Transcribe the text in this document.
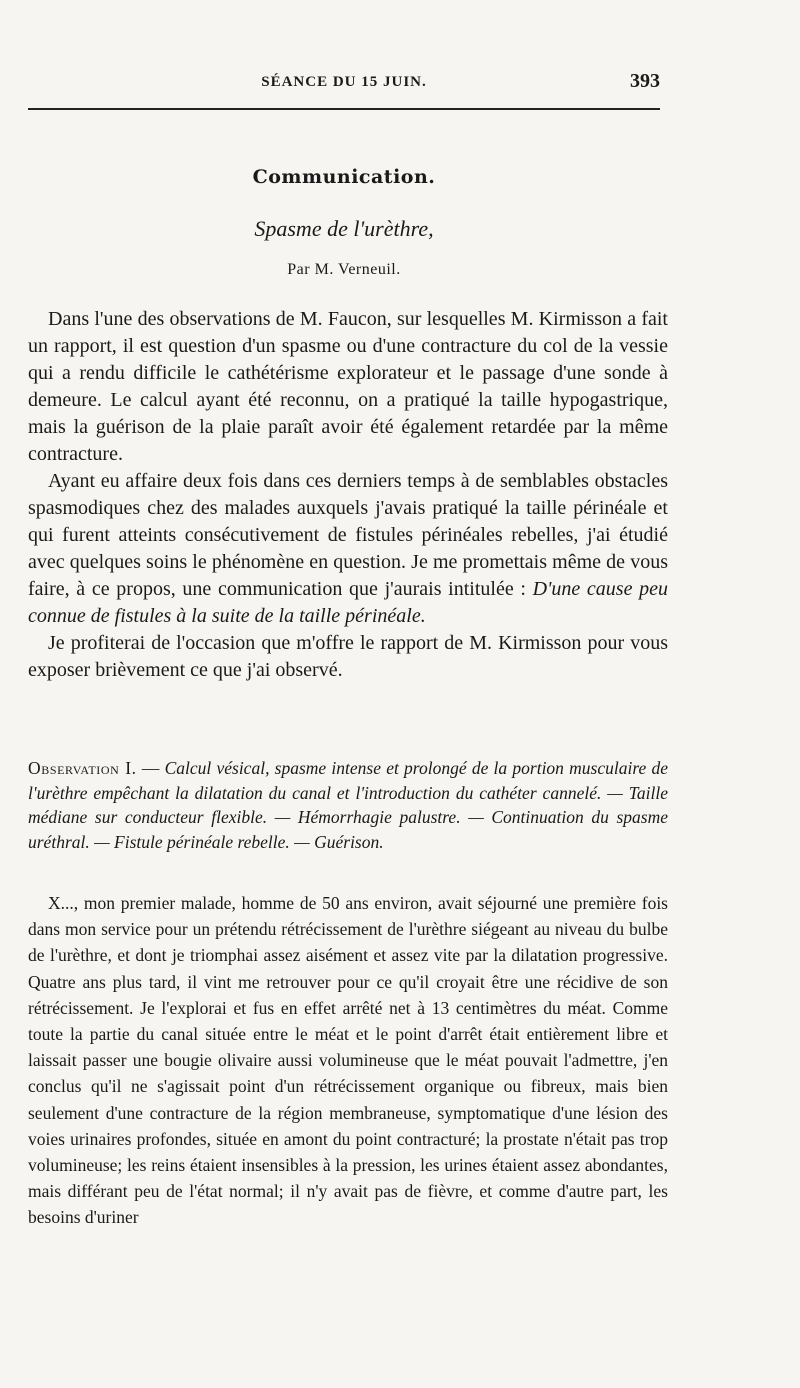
SÉANCE DU 15 JUIN.	393
Communication.
Spasme de l'urèthre,
Par M. Verneuil.

Dans l'une des observations de M. Faucon, sur lesquelles M. Kirmisson a fait un rapport, il est question d'un spasme ou d'une contracture du col de la vessie qui a rendu difficile le cathétérisme explorateur et le passage d'une sonde à demeure. Le calcul ayant été reconnu, on a pratiqué la taille hypogastrique, mais la guérison de la plaie paraît avoir été également retardée par la même contracture.

Ayant eu affaire deux fois dans ces derniers temps à de semblables obstacles spasmodiques chez des malades auxquels j'avais pratiqué la taille périnéale et qui furent atteints consécutivement de fistules périnéales rebelles, j'ai étudié avec quelques soins le phénomène en question. Je me promettais même de vous faire, à ce propos, une communication que j'aurais intitulée : D'une cause peu connue de fistules à la suite de la taille périnéale.

Je profiterai de l'occasion que m'offre le rapport de M. Kirmisson pour vous exposer brièvement ce que j'ai observé.

Observation I. — Calcul vésical, spasme intense et prolongé de la portion musculaire de l'urèthre empêchant la dilatation du canal et l'introduction du cathéter cannelé. — Taille médiane sur conducteur flexible. — Hémorrhagie palustre. — Continuation du spasme uréthral. — Fistule périnéale rebelle. — Guérison.
X..., mon premier malade, homme de 50 ans environ, avait séjourné une première fois dans mon service pour un prétendu rétrécissement de l'urèthre siégeant au niveau du bulbe de l'urèthre, et dont je triomphai assez aisément et assez vite par la dilatation progressive. Quatre ans plus tard, il vint me retrouver pour ce qu'il croyait être une récidive de son rétrécissement. Je l'explorai et fus en effet arrêté net à 13 centimètres du méat. Comme toute la partie du canal située entre le méat et le point d'arrêt était entièrement libre et laissait passer une bougie olivaire aussi volumineuse que le méat pouvait l'admettre, j'en conclus qu'il ne s'agissait point d'un rétrécissement organique ou fibreux, mais bien seulement d'une contracture de la région membraneuse, symptomatique d'une lésion des voies urinaires profondes, située en amont du point contracturé; la prostate n'était pas trop volumineuse; les reins étaient insensibles à la pression, les urines étaient assez abondantes, mais différant peu de l'état normal; il n'y avait pas de fièvre, et comme d'autre part, les besoins d'uriner
